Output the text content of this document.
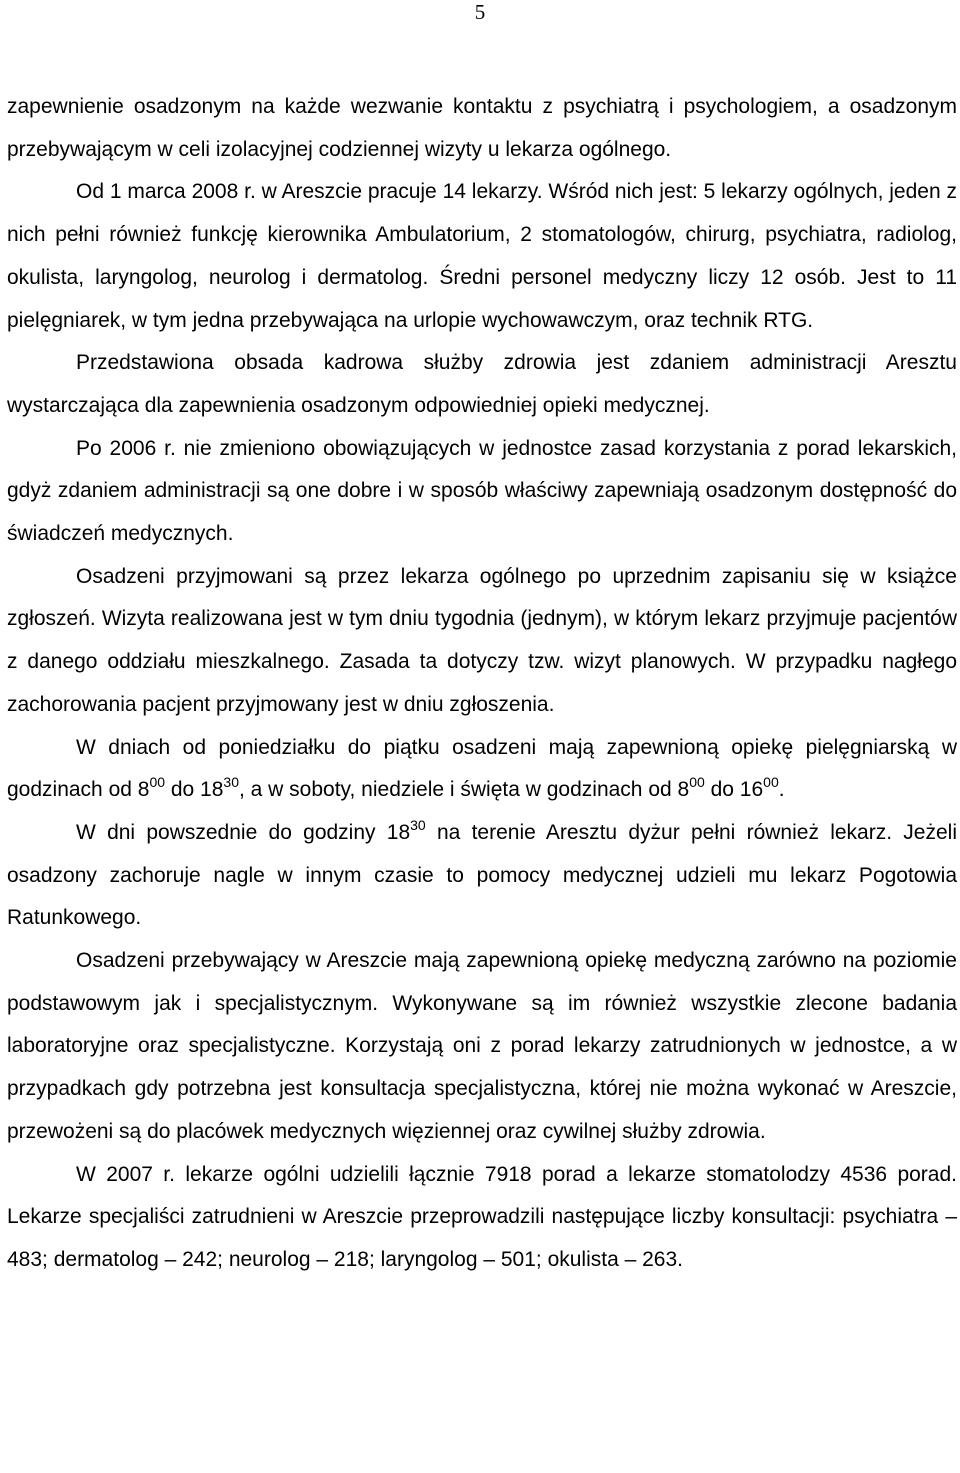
5

zapewnienie osadzonym na każde wezwanie kontaktu z psychiatrą i psychologiem, a osadzonym przebywającym w celi izolacyjnej codziennej wizyty u lekarza ogólnego.

Od 1 marca 2008 r. w Areszcie pracuje 14 lekarzy. Wśród nich jest: 5 lekarzy ogólnych, jeden z nich pełni również funkcję kierownika Ambulatorium, 2 stomatologów, chirurg, psychiatra, radiolog, okulista, laryngolog, neurolog i dermatolog. Średni personel medyczny liczy 12 osób. Jest to 11 pielęgniarek, w tym jedna przebywająca na urlopie wychowawczym, oraz technik RTG.

Przedstawiona obsada kadrowa służby zdrowia jest zdaniem administracji Aresztu wystarczająca dla zapewnienia osadzonym odpowiedniej opieki medycznej.

Po 2006 r. nie zmieniono obowiązujących w jednostce zasad korzystania z porad lekarskich, gdyż zdaniem administracji są one dobre i w sposób właściwy zapewniają osadzonym dostępność do świadczeń medycznych.

Osadzeni przyjmowani są przez lekarza ogólnego po uprzednim zapisaniu się w książce zgłoszeń. Wizyta realizowana jest w tym dniu tygodnia (jednym), w którym lekarz przyjmuje pacjentów z danego oddziału mieszkalnego. Zasada ta dotyczy tzw. wizyt planowych. W przypadku nagłego zachorowania pacjent przyjmowany jest w dniu zgłoszenia.

W dniach od poniedziałku do piątku osadzeni mają zapewnioną opiekę pielęgniarską w godzinach od $8^{00}$ do $18^{30}$, a w soboty, niedziele i święta w godzinach od $8^{00}$ do $16^{00}$.

W dni powszednie do godziny $18^{30}$ na terenie Aresztu dyżur pełni również lekarz. Jeżeli osadzony zachoruje nagle w innym czasie to pomocy medycznej udzieli mu lekarz Pogotowia Ratunkowego.

Osadzeni przebywający w Areszcie mają zapewnioną opiekę medyczną zarówno na poziomie podstawowym jak i specjalistycznym. Wykonywane są im również wszystkie zlecone badania laboratoryjne oraz specjalistyczne. Korzystają oni z porad lekarzy zatrudnionych w jednostce, a w przypadkach gdy potrzebna jest konsultacja specjalistyczna, której nie można wykonać w Areszcie, przewożeni są do placówek medycznych więziennej oraz cywilnej służby zdrowia.

W 2007 r. lekarze ogólni udzielili łącznie 7918 porad a lekarze stomatolodzy 4536 porad. Lekarze specjaliści zatrudnieni w Areszcie przeprowadzili następujące liczby konsultacji: psychiatra – 483; dermatolog – 242; neurolog – 218; laryngolog – 501; okulista – 263.
